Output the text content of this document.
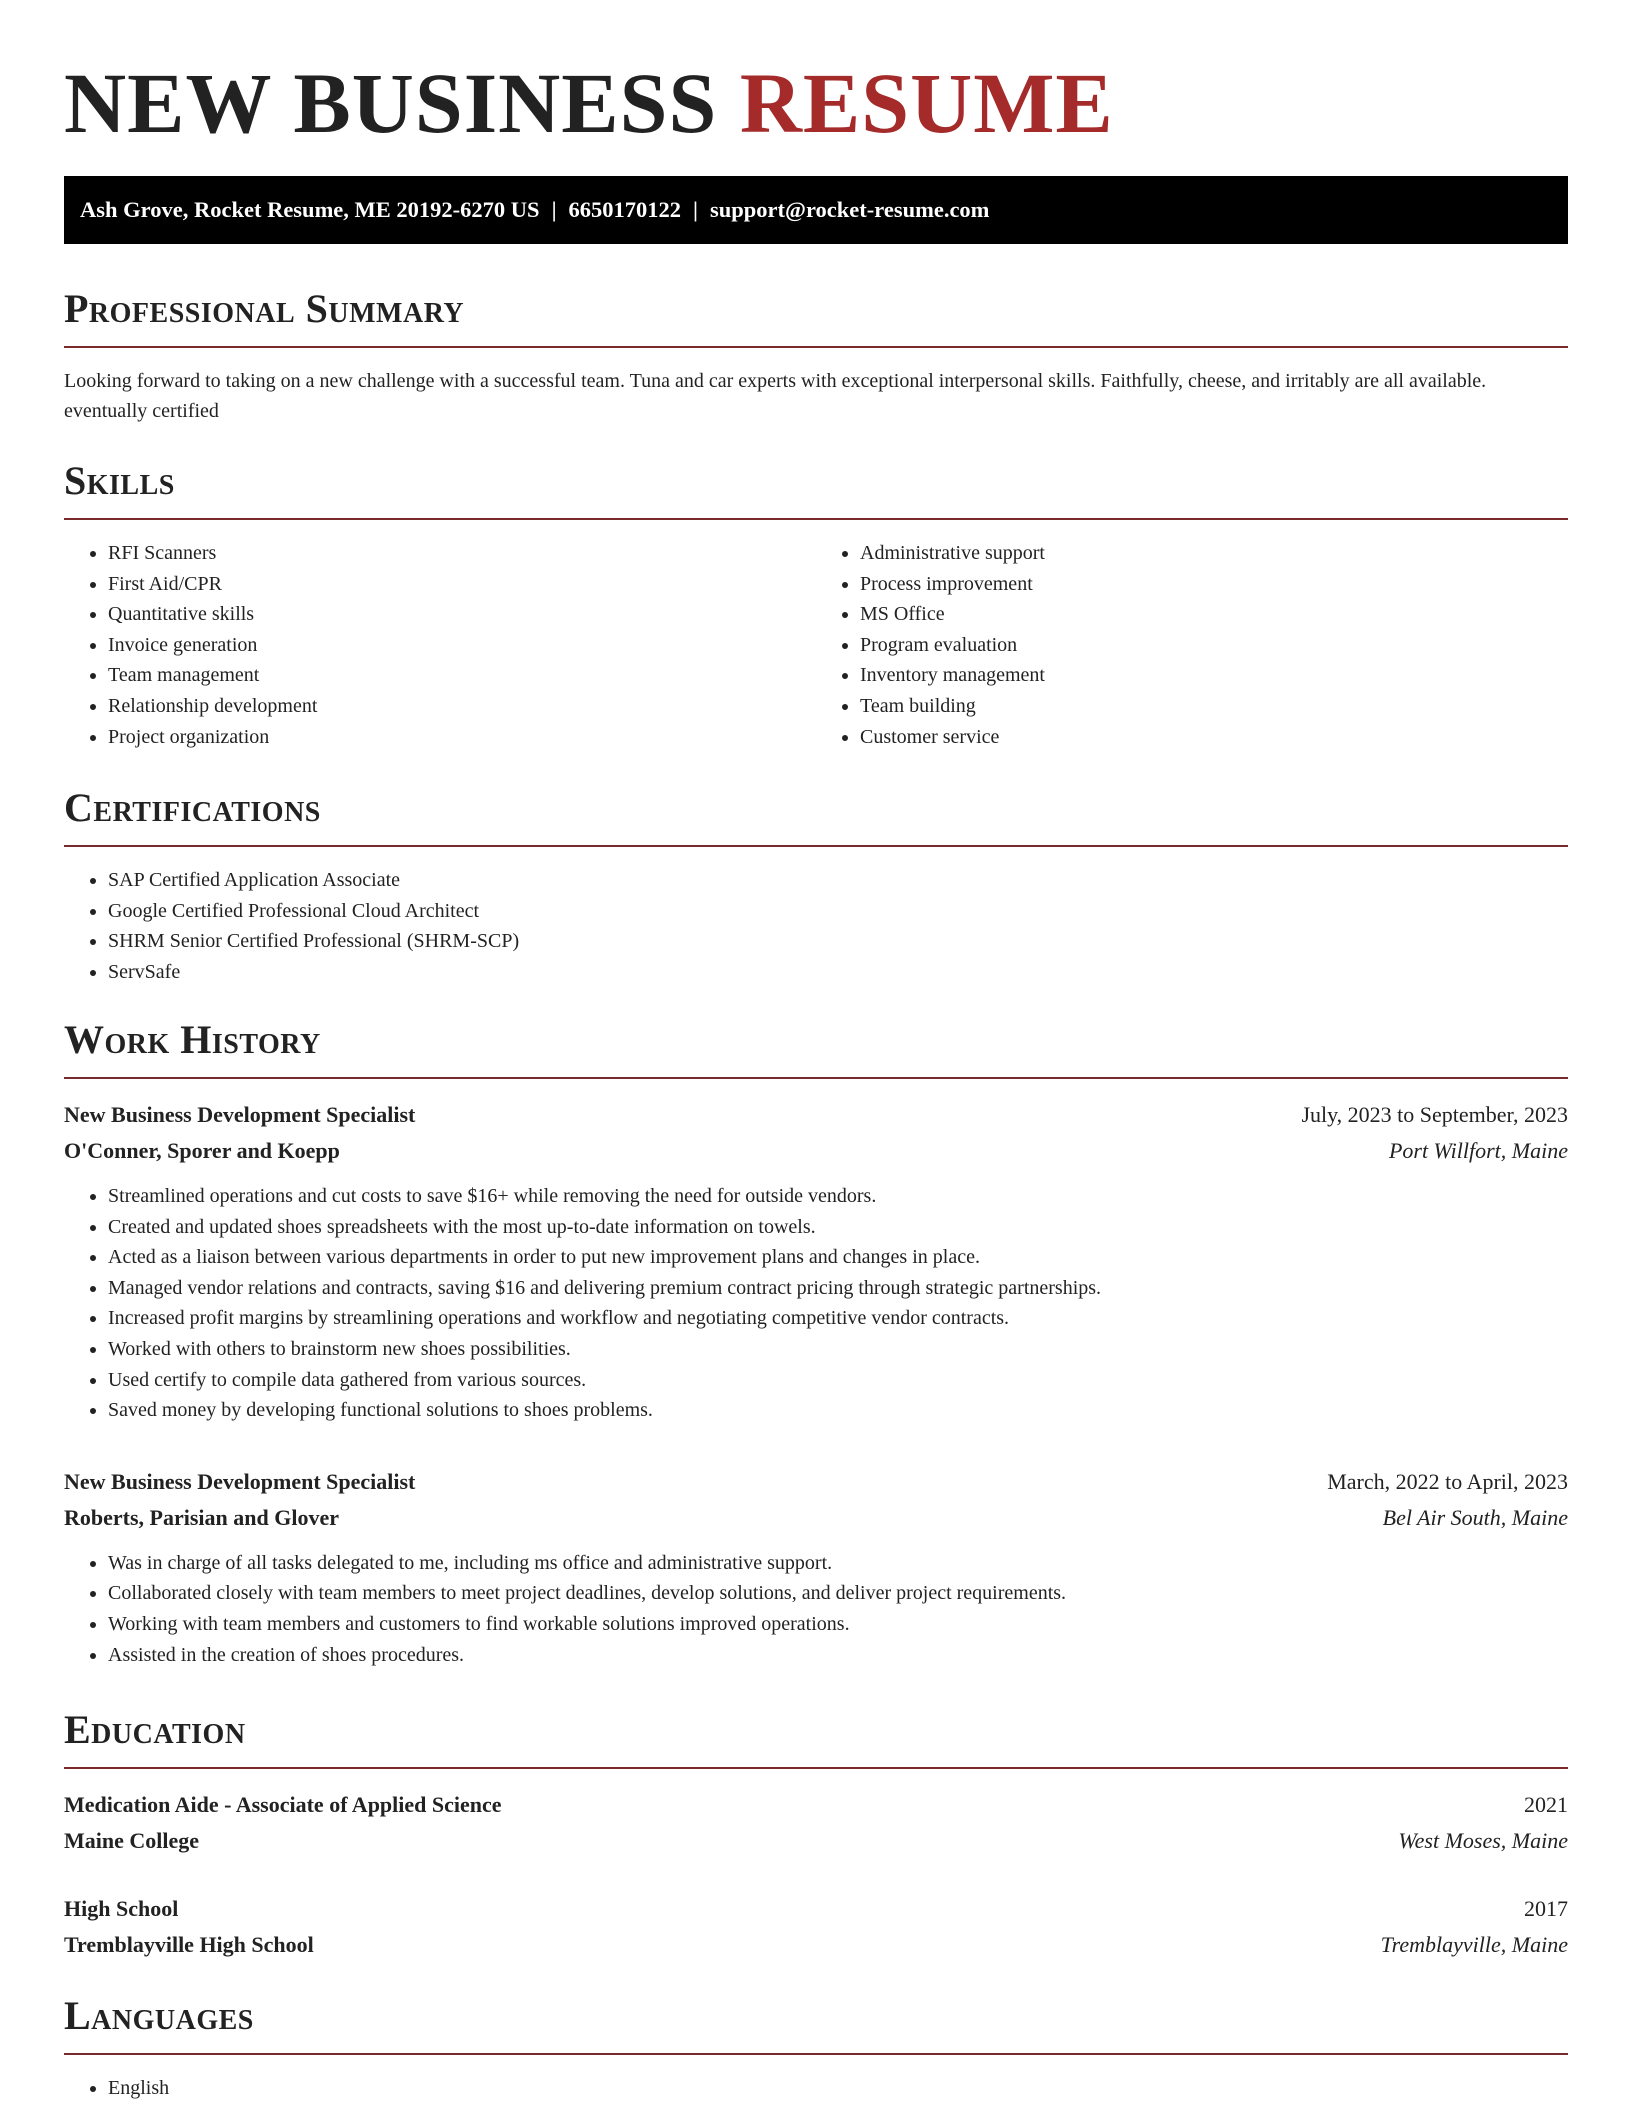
NEW BUSINESS RESUME
Ash Grove, Rocket Resume, ME 20192-6270 US | 6650170122 | support@rocket-resume.com
Professional Summary

Looking forward to taking on a new challenge with a successful team. Tuna and car experts with exceptional interpersonal skills. Faithfully, cheese, and irritably are all available. eventually certified

Skills
• RFI Scanners
• First Aid/CPR
• Quantitative skills
• Invoice generation
• Team management
• Relationship development
• Project organization
• Administrative support
• Process improvement
• MS Office
• Program evaluation
• Inventory management
• Team building
• Customer service
Certifications
• SAP Certified Application Associate
• Google Certified Professional Cloud Architect
• SHRM Senior Certified Professional (SHRM-SCP)
• ServSafe
Work History
New Business Development Specialist	July, 2023 to September, 2023
O'Conner, Sporer and Koepp	Port Willfort, Maine
• Streamlined operations and cut costs to save $16+ while removing the need for outside vendors.
• Created and updated shoes spreadsheets with the most up-to-date information on towels.
• Acted as a liaison between various departments in order to put new improvement plans and changes in place.
• Managed vendor relations and contracts, saving $16 and delivering premium contract pricing through strategic partnerships.
• Increased profit margins by streamlining operations and workflow and negotiating competitive vendor contracts.
• Worked with others to brainstorm new shoes possibilities.
• Used certify to compile data gathered from various sources.
• Saved money by developing functional solutions to shoes problems.
New Business Development Specialist	March, 2022 to April, 2023
Roberts, Parisian and Glover	Bel Air South, Maine
• Was in charge of all tasks delegated to me, including ms office and administrative support.
• Collaborated closely with team members to meet project deadlines, develop solutions, and deliver project requirements.
• Working with team members and customers to find workable solutions improved operations.
• Assisted in the creation of shoes procedures.
Education
Medication Aide - Associate of Applied Science	2021
Maine College	West Moses, Maine
High School	2017
Tremblayville High School	Tremblayville, Maine
Languages
• English
